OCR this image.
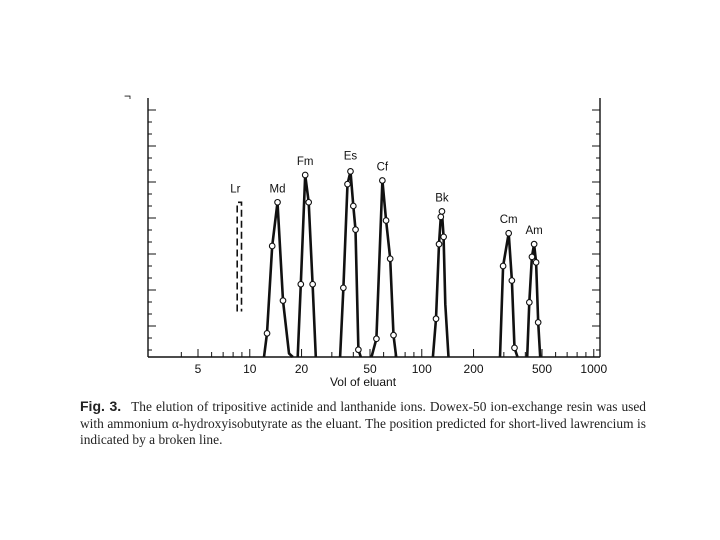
¬
5	10	20	50	100	200	500 1000
Vol of eluant
Lr	Md
Fm	Es
Cf
Bk
Cm
Am
Fig. 3. The elution of tripositive actinide and lanthanide ions. Dowex-50 ion-exchange resin was used with ammonium α-hydroxyisobutyrate as the eluant. The position predicted for short-lived lawrencium is indicated by a broken line.
